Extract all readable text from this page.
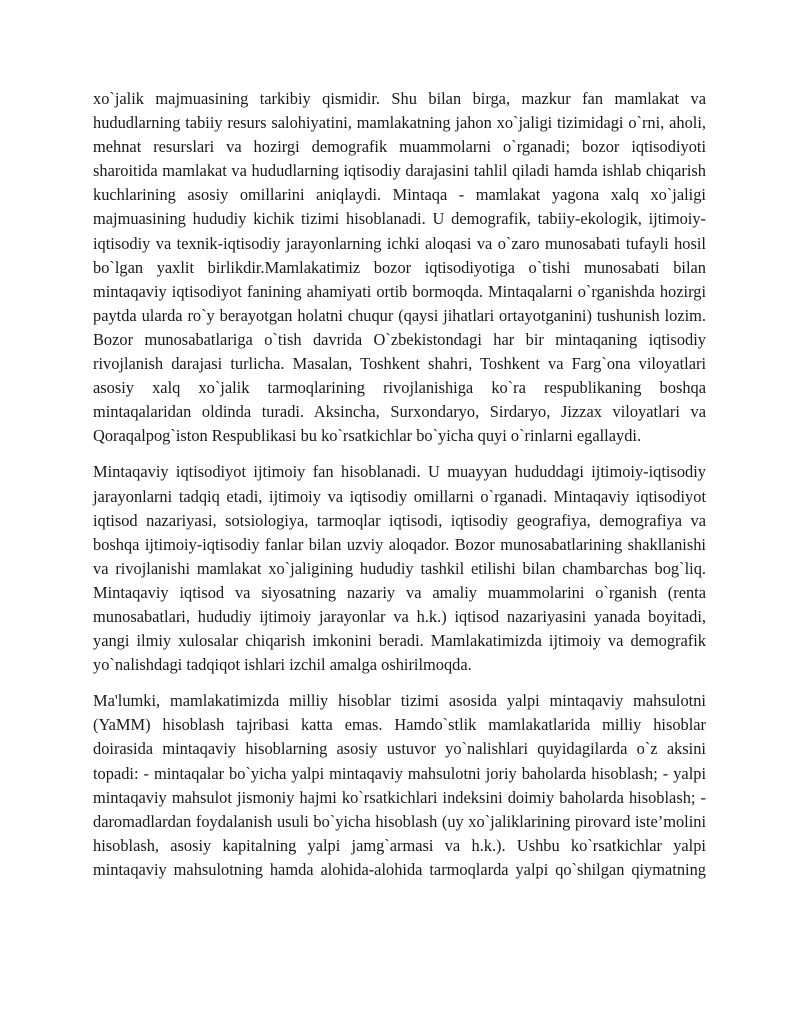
xo`jalik majmuasining tarkibiy qismidir. Shu bilan birga, mazkur fan mamlakat va hududlarning tabiiy resurs salohiyatini, mamlakatning jahon xo`jaligi tizimidagi o`rni, aholi, mehnat resurslari va hozirgi demografik muammolarni o`rganadi; bozor iqtisodiyoti sharoitida mamlakat va hududlarning iqtisodiy darajasini tahlil qiladi hamda ishlab chiqarish kuchlarining asosiy omillarini aniqlaydi. Mintaqa - mamlakat yagona xalq xo`jaligi majmuasining hududiy kichik tizimi hisoblanadi. U demografik, tabiiy-ekologik, ijtimoiy-iqtisodiy va texnik-iqtisodiy jarayonlarning ichki aloqasi va o`zaro munosabati tufayli hosil bo`lgan yaxlit birlikdir.Mamlakatimiz bozor iqtisodiyotiga o`tishi munosabati bilan mintaqaviy iqtisodiyot fanining ahamiyati ortib bormoqda. Mintaqalarni o`rganishda hozirgi paytda ularda ro`y berayotgan holatni chuqur (qaysi jihatlari ortayotganini) tushunish lozim. Bozor munosabatlariga o`tish davrida O`zbekistondagi har bir mintaqaning iqtisodiy rivojlanish darajasi turlicha. Masalan, Toshkent shahri, Toshkent va Farg`ona viloyatlari asosiy xalq xo`jalik tarmoqlarining rivojlanishiga ko`ra respublikaning boshqa mintaqalaridan oldinda turadi. Aksincha, Surxondaryo, Sirdaryo, Jizzax viloyatlari va Qoraqalpog`iston Respublikasi bu ko`rsatkichlar bo`yicha quyi o`rinlarni egallaydi.

Mintaqaviy iqtisodiyot ijtimoiy fan hisoblanadi. U muayyan hududdagi ijtimoiy-iqtisodiy jarayonlarni tadqiq etadi, ijtimoiy va iqtisodiy omillarni o`rganadi. Mintaqaviy iqtisodiyot iqtisod nazariyasi, sotsiologiya, tarmoqlar iqtisodi, iqtisodiy geografiya, demografiya va boshqa ijtimoiy-iqtisodiy fanlar bilan uzviy aloqador. Bozor munosabatlarining shakllanishi va rivojlanishi mamlakat xo`jaligining hududiy tashkil etilishi bilan chambarchas bog`liq. Mintaqaviy iqtisod va siyosatning nazariy va amaliy muammolarini o`rganish (renta munosabatlari, hududiy ijtimoiy jarayonlar va h.k.) iqtisod nazariyasini yanada boyitadi, yangi ilmiy xulosalar chiqarish imkonini beradi. Mamlakatimizda ijtimoiy va demografik yo`nalishdagi tadqiqot ishlari izchil amalga oshirilmoqda.

Ma'lumki, mamlakatimizda milliy hisoblar tizimi asosida yalpi mintaqaviy mahsulotni (YaMM) hisoblash tajribasi katta emas. Hamdo`stlik mamlakatlarida milliy hisoblar doirasida mintaqaviy hisoblarning asosiy ustuvor yo`nalishlari quyidagilarda o`z aksini topadi: - mintaqalar bo`yicha yalpi mintaqaviy mahsulotni joriy baholarda hisoblash; - yalpi mintaqaviy mahsulot jismoniy hajmi ko`rsatkichlari indeksini doimiy baholarda hisoblash; - daromadlardan foydalanish usuli bo`yicha hisoblash (uy xo`jaliklarining pirovard iste’molini hisoblash, asosiy kapitalning yalpi jamg`armasi va h.k.). Ushbu ko`rsatkichlar yalpi mintaqaviy mahsulotning hamda alohida-alohida tarmoqlarda yalpi qo`shilgan qiymatning
